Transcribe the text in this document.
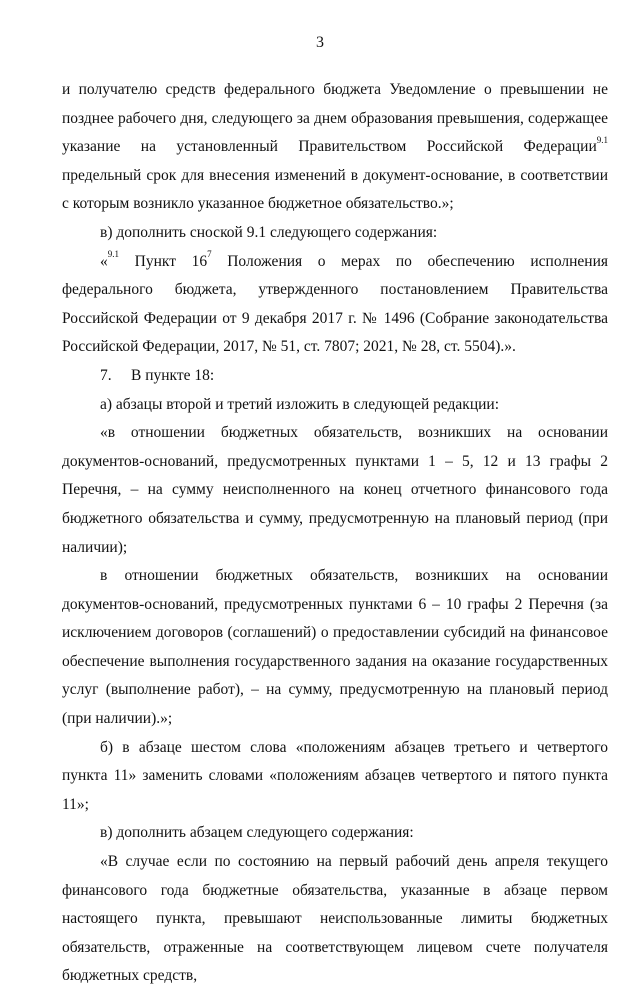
3

и получателю средств федерального бюджета Уведомление о превышении не позднее рабочего дня, следующего за днем образования превышения, содержащее указание на установленный Правительством Российской Федерации$^{9.1}$ предельный срок для внесения изменений в документ-основание, в соответствии с которым возникло указанное бюджетное обязательство.»;

в) дополнить сноской 9.1 следующего содержания:

«$^{9.1}$ Пункт $16^7$ Положения о мерах по обеспечению исполнения федерального бюджета, утвержденного постановлением Правительства Российской Федерации от 9 декабря 2017 г. № 1496 (Собрание законодательства Российской Федерации, 2017, № 51, ст. 7807; 2021, № 28, ст. 5504).».

7.  В пункте 18:

а) абзацы второй и третий изложить в следующей редакции:

«в отношении бюджетных обязательств, возникших на основании документов-оснований, предусмотренных пунктами 1 – 5, 12 и 13 графы 2 Перечня, – на сумму неисполненного на конец отчетного финансового года бюджетного обязательства и сумму, предусмотренную на плановый период (при наличии);

в отношении бюджетных обязательств, возникших на основании документов-оснований, предусмотренных пунктами 6 – 10 графы 2 Перечня (за исключением договоров (соглашений) о предоставлении субсидий на финансовое обеспечение выполнения государственного задания на оказание государственных услуг (выполнение работ), – на сумму, предусмотренную на плановый период (при наличии).»;

б) в абзаце шестом слова «положениям абзацев третьего и четвертого пункта 11» заменить словами «положениям абзацев четвертого и пятого пункта 11»;

в) дополнить абзацем следующего содержания:

«В случае если по состоянию на первый рабочий день апреля текущего финансового года бюджетные обязательства, указанные в абзаце первом настоящего пункта, превышают неиспользованные лимиты бюджетных обязательств, отраженные на соответствующем лицевом счете получателя бюджетных средств,
